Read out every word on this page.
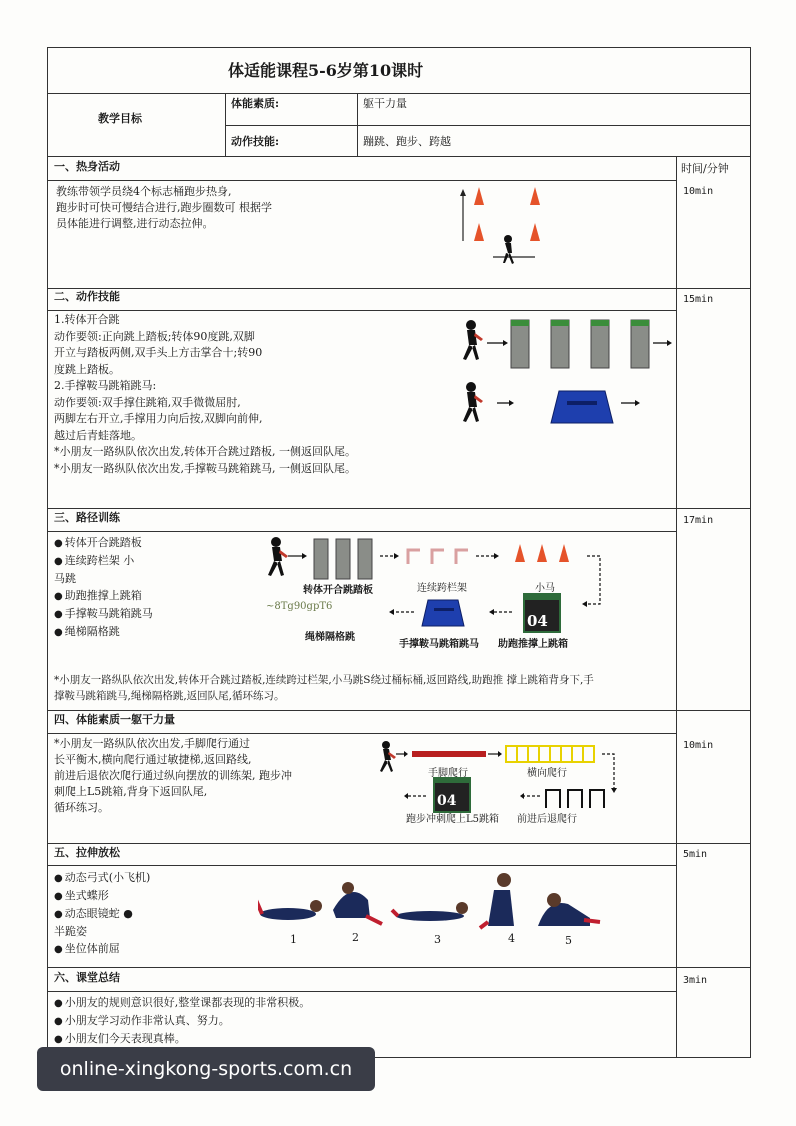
体适能课程5-6岁第10课时
教学目标
体能素质:	躯干力量
动作技能:	蹦跳、跑步、跨越
时间/分钟
一、热身活动
10min
教练带领学员绕4个标志桶跑步热身,
跑步时可快可慢结合进行,跑步圈数可 根据学
员体能进行调整,进行动态拉伸。
二、动作技能	15min
1.转体开合跳
动作要领:正向跳上踏板;转体90度跳,双脚
开立与踏板两侧,双手头上方击掌合十;转90
度跳上踏板。
2.手撑鞍马跳箱跳马:
动作要领:双手撑住跳箱,双手微微屈肘,
两脚左右开立,手撑用力向后按,双脚向前伸,
越过后青蛙落地。
*小朋友一路纵队依次出发,转体开合跳过踏板, 一侧返回队尾。
*小朋友一路纵队依次出发,手撑鞍马跳箱跳马, 一侧返回队尾。
三、路径训练	17min
● 转体开合跳踏板
● 连续跨栏架 小
马跳
● 助跑推撑上跳箱
● 手撑鞍马跳箱跳马
● 绳梯隔格跳
转体开合跳踏板	连续跨栏架	小马
~8Tg90gpT6
绳梯隔格跳
手撑鞍马跳箱跳马 助跑推撑上跳箱
04
*小朋友一路纵队依次出发,转体开合跳过踏板,连续跨过栏架,小马跳S绕过桶标桶,返回路线,助跑推 撑上跳箱背身下,手
撑鞍马跳箱跳马,绳梯隔格跳,返回队尾,循环练习。
四、体能素质一躯干力量
10min
*小朋友一路纵队依次出发,手脚爬行通过
长平衡木,横向爬行通过敏捷梯,返回路线,
前进后退依次爬行通过纵向摆放的训练架, 跑步冲
刺爬上L5跳箱,背身下返回队尾,
循环练习。
手脚爬行	横向爬行
跑步冲刺爬上L5跳箱 前进后退爬行
04
五、拉伸放松	5min
● 动态弓式(小飞机)
● 坐式蝶形
● 动态眼镜蛇 ●
半跪姿
● 坐位体前屈
1	2	3	4	5
六、课堂总结	3min
● 小朋友的规则意识很好,整堂课都表现的非常积极。
● 小朋友学习动作非常认真、努力。
● 小朋友们今天表现真棒。
online-xingkong-sports.com.cn
